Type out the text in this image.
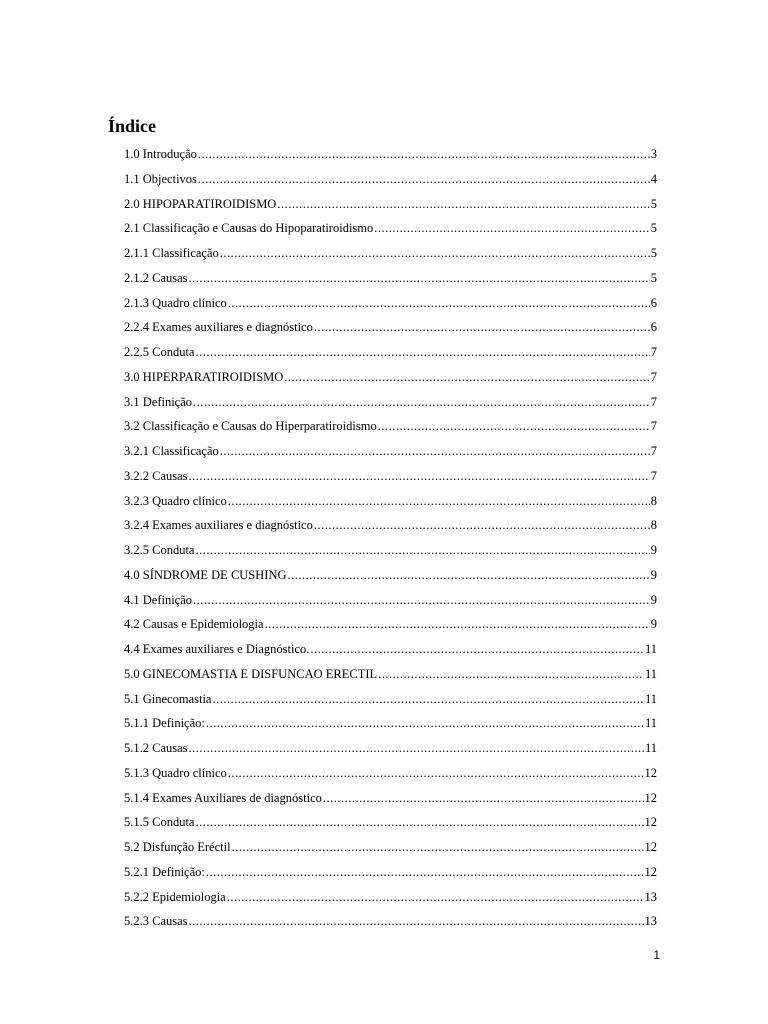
Índice
1.0 Introdução .....	3
1.1 Objectivos .....	4
2.0 HIPOPARATIROIDISMO .....	5
2.1 Classificação e Causas do Hipoparatiroidismo .....	5
2.1.1 Classificação .....	5
2.1.2 Causas .....	5
2.1.3 Quadro clínico .....	6
2.2.4 Exames auxiliares e diagnóstico .....	6
2.2.5 Conduta .....	7
3.0 HIPERPARATIROIDISMO .....	7
3.1 Definição .....	7
3.2 Classificação e Causas do Hiperparatiroidismo .....	7
3.2.1 Classificação .....	7
3.2.2 Causas .....	7
3.2.3 Quadro clínico .....	8
3.2.4 Exames auxiliares e diagnóstico .....	8
3.2.5 Conduta .....	9
4.0 SÍNDROME DE CUSHING .....	9
4.1 Definição .....	9
4.2 Causas e Epidemiologia .....	9
4.4 Exames auxiliares e Diagnóstico. .....	11
5.0 GINECOMASTIA E DISFUNCAO ERECTIL .....	11
5.1 Ginecomastia .....	11
5.1.1 Definição: .....	11
5.1.2 Causas .....	11
5.1.3 Quadro clínico .....	12
5.1.4 Exames Auxiliares de diagnóstico .....	12
5.1.5 Conduta .....	12
5.2 Disfunção Eréctil .....	12
5.2.1 Definição: .....	12
5.2.2 Epidemiologia .....	13
5.2.3 Causas .....	13
1
